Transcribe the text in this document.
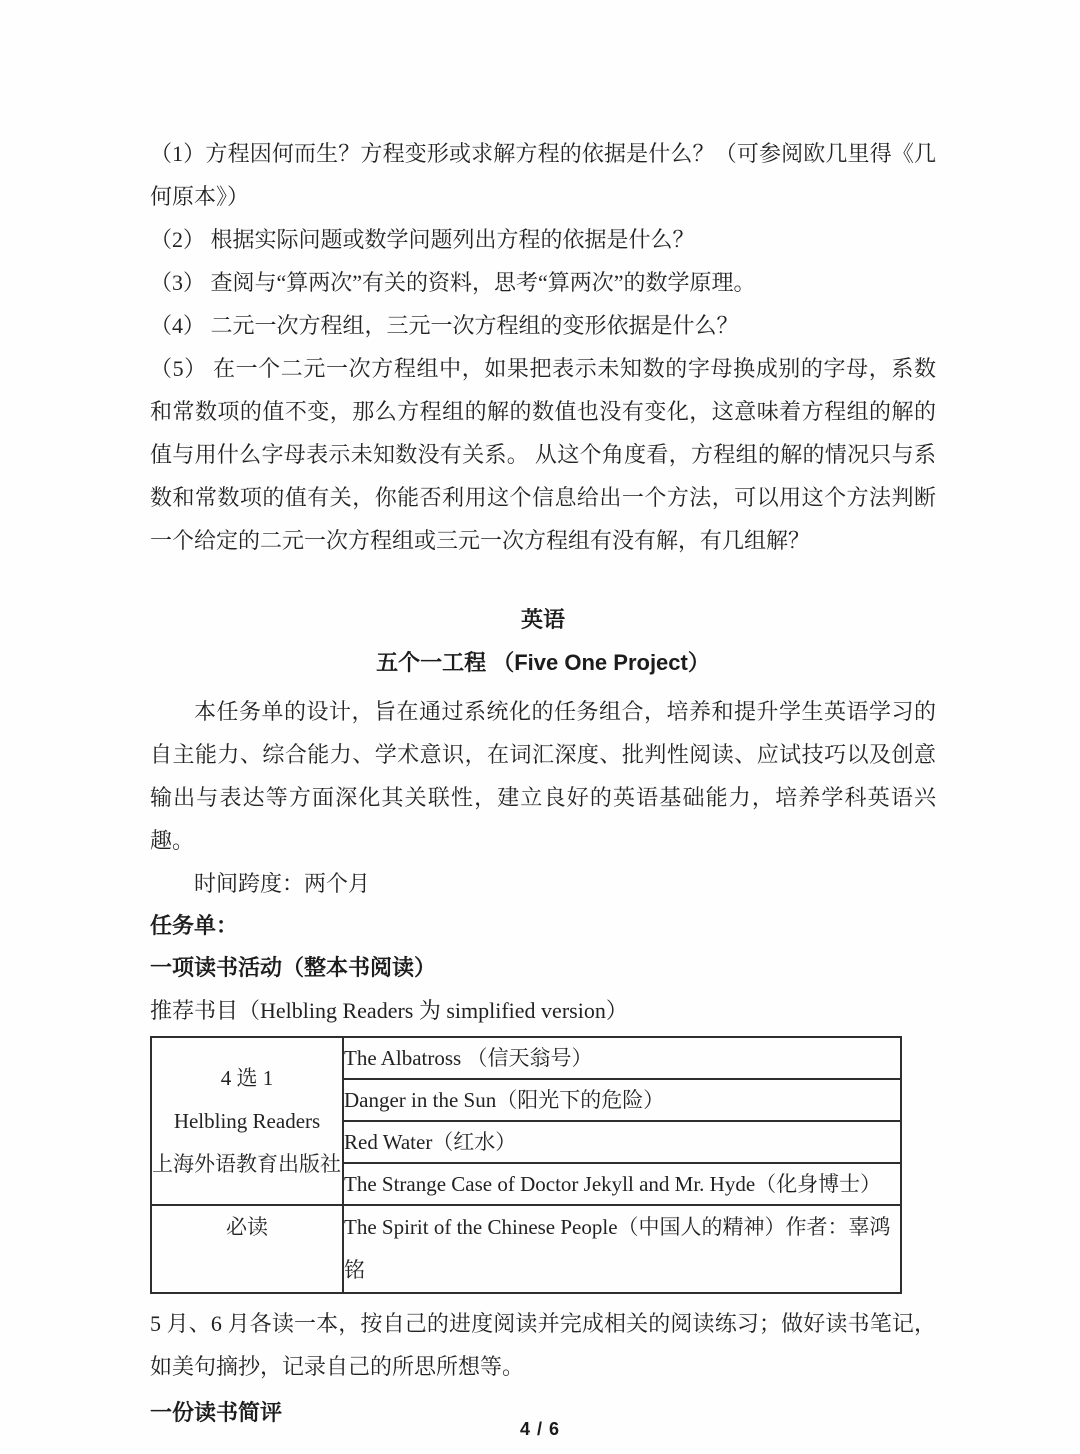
（1）方程因何而生？方程变形或求解方程的依据是什么？（可参阅欧几里得《几何原本》）

（2） 根据实际问题或数学问题列出方程的依据是什么？

（3） 查阅与“算两次”有关的资料，思考“算两次”的数学原理。

（4） 二元一次方程组，三元一次方程组的变形依据是什么？

（5） 在一个二元一次方程组中，如果把表示未知数的字母换成别的字母，系数和常数项的值不变，那么方程组的解的数值也没有变化，这意味着方程组的解的值与用什么字母表示未知数没有关系。 从这个角度看，方程组的解的情况只与系数和常数项的值有关，你能否利用这个信息给出一个方法，可以用这个方法判断一个给定的二元一次方程组或三元一次方程组有没有解，有几组解？

英语
五个一工程 （Five One Project）

本任务单的设计，旨在通过系统化的任务组合，培养和提升学生英语学习的自主能力、综合能力、学术意识，在词汇深度、批判性阅读、应试技巧以及创意输出与表达等方面深化其关联性，建立良好的英语基础能力，培养学科英语兴趣。

时间跨度：两个月

任务单：

一项读书活动（整本书阅读）

推荐书目（Helbling Readers 为 simplified version）

4 选 1
Helbling Readers
上海外语教育出版社	The Albatross （信天翁号）
	Danger in the Sun（阳光下的危险）
	Red Water（红水）
	The Strange Case of Doctor Jekyll and Mr. Hyde（化身博士）

必读	The Spirit of the Chinese People（中国人的精神）作者：辜鸿铭

5 月、6 月各读一本，按自己的进度阅读并完成相关的阅读练习；做好读书笔记，如美句摘抄，记录自己的所思所想等。

一份读书简评

4 / 6
